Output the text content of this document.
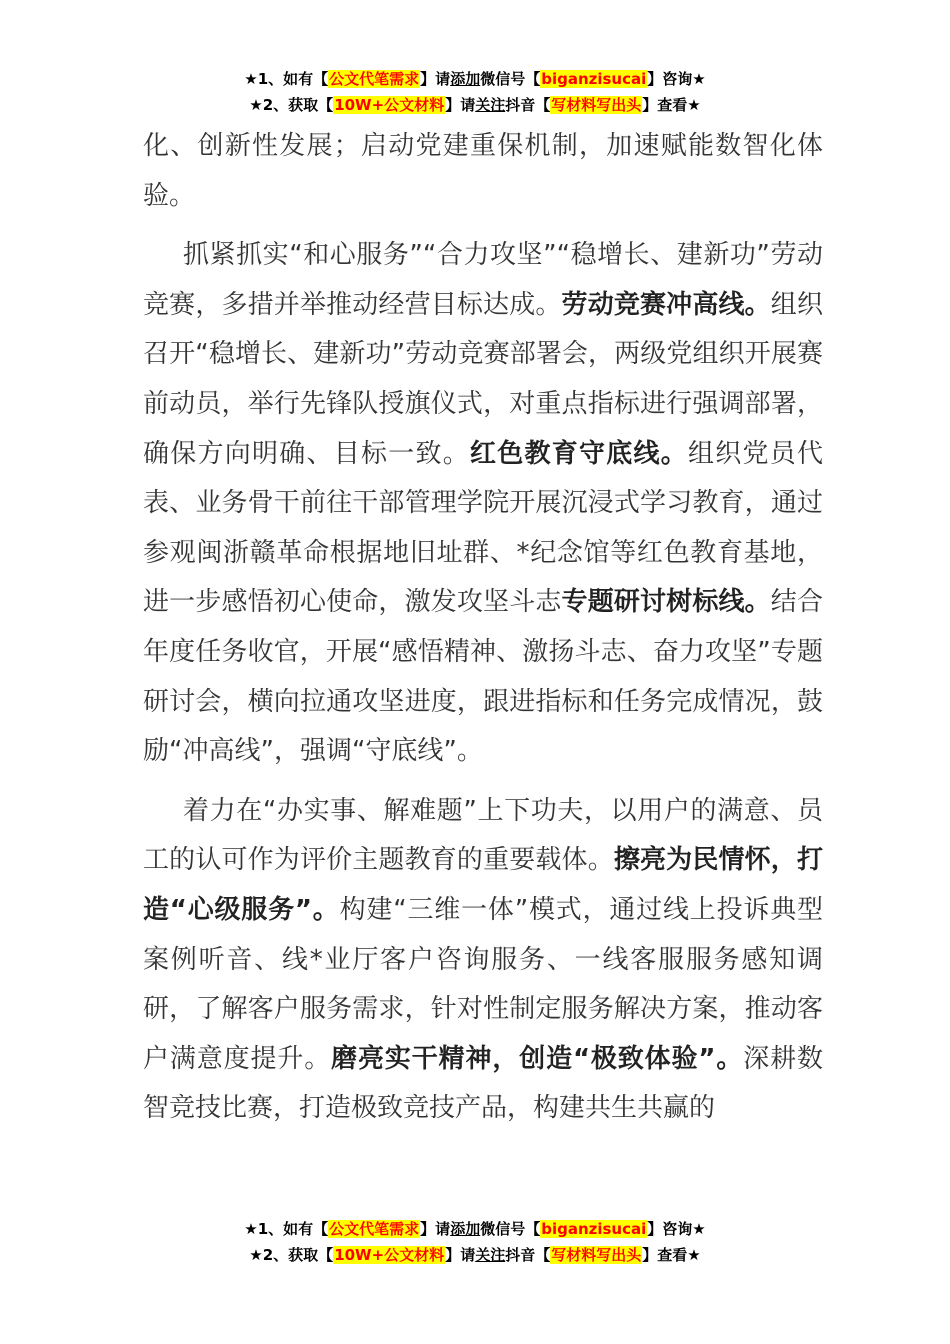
★1、如有【公文代笔需求】请添加微信号【biganzisucai】咨询★
★2、获取【10W+公文材料】请关注抖音【写材料写出头】查看★

化、创新性发展；启动党建重保机制，加速赋能数智化体验。

抓紧抓实“和心服务”“合力攻坚”“稳增长、建新功”劳动竞赛，多措并举推动经营目标达成。劳动竞赛冲高线。组织召开“稳增长、建新功”劳动竞赛部署会，两级党组织开展赛前动员，举行先锋队授旗仪式，对重点指标进行强调部署，确保方向明确、目标一致。红色教育守底线。组织党员代表、业务骨干前往干部管理学院开展沉浸式学习教育，通过参观闽浙赣革命根据地旧址群、*纪念馆等红色教育基地，进一步感悟初心使命，激发攻坚斗志专题研讨树标线。结合年度任务收官，开展“感悟精神、激扬斗志、奋力攻坚”专题研讨会，横向拉通攻坚进度，跟进指标和任务完成情况，鼓励“冲高线”，强调“守底线”。

着力在“办实事、解难题”上下功夫，以用户的满意、员工的认可作为评价主题教育的重要载体。擦亮为民情怀，打造“心级服务”。构建“三维一体”模式，通过线上投诉典型案例听音、线*业厅客户咨询服务、一线客服服务感知调研，了解客户服务需求，针对性制定服务解决方案，推动客户满意度提升。磨亮实干精神，创造“极致体验”。深耕数智竞技比赛，打造极致竞技产品，构建共生共赢的

★1、如有【公文代笔需求】请添加微信号【biganzisucai】咨询★
★2、获取【10W+公文材料】请关注抖音【写材料写出头】查看★
